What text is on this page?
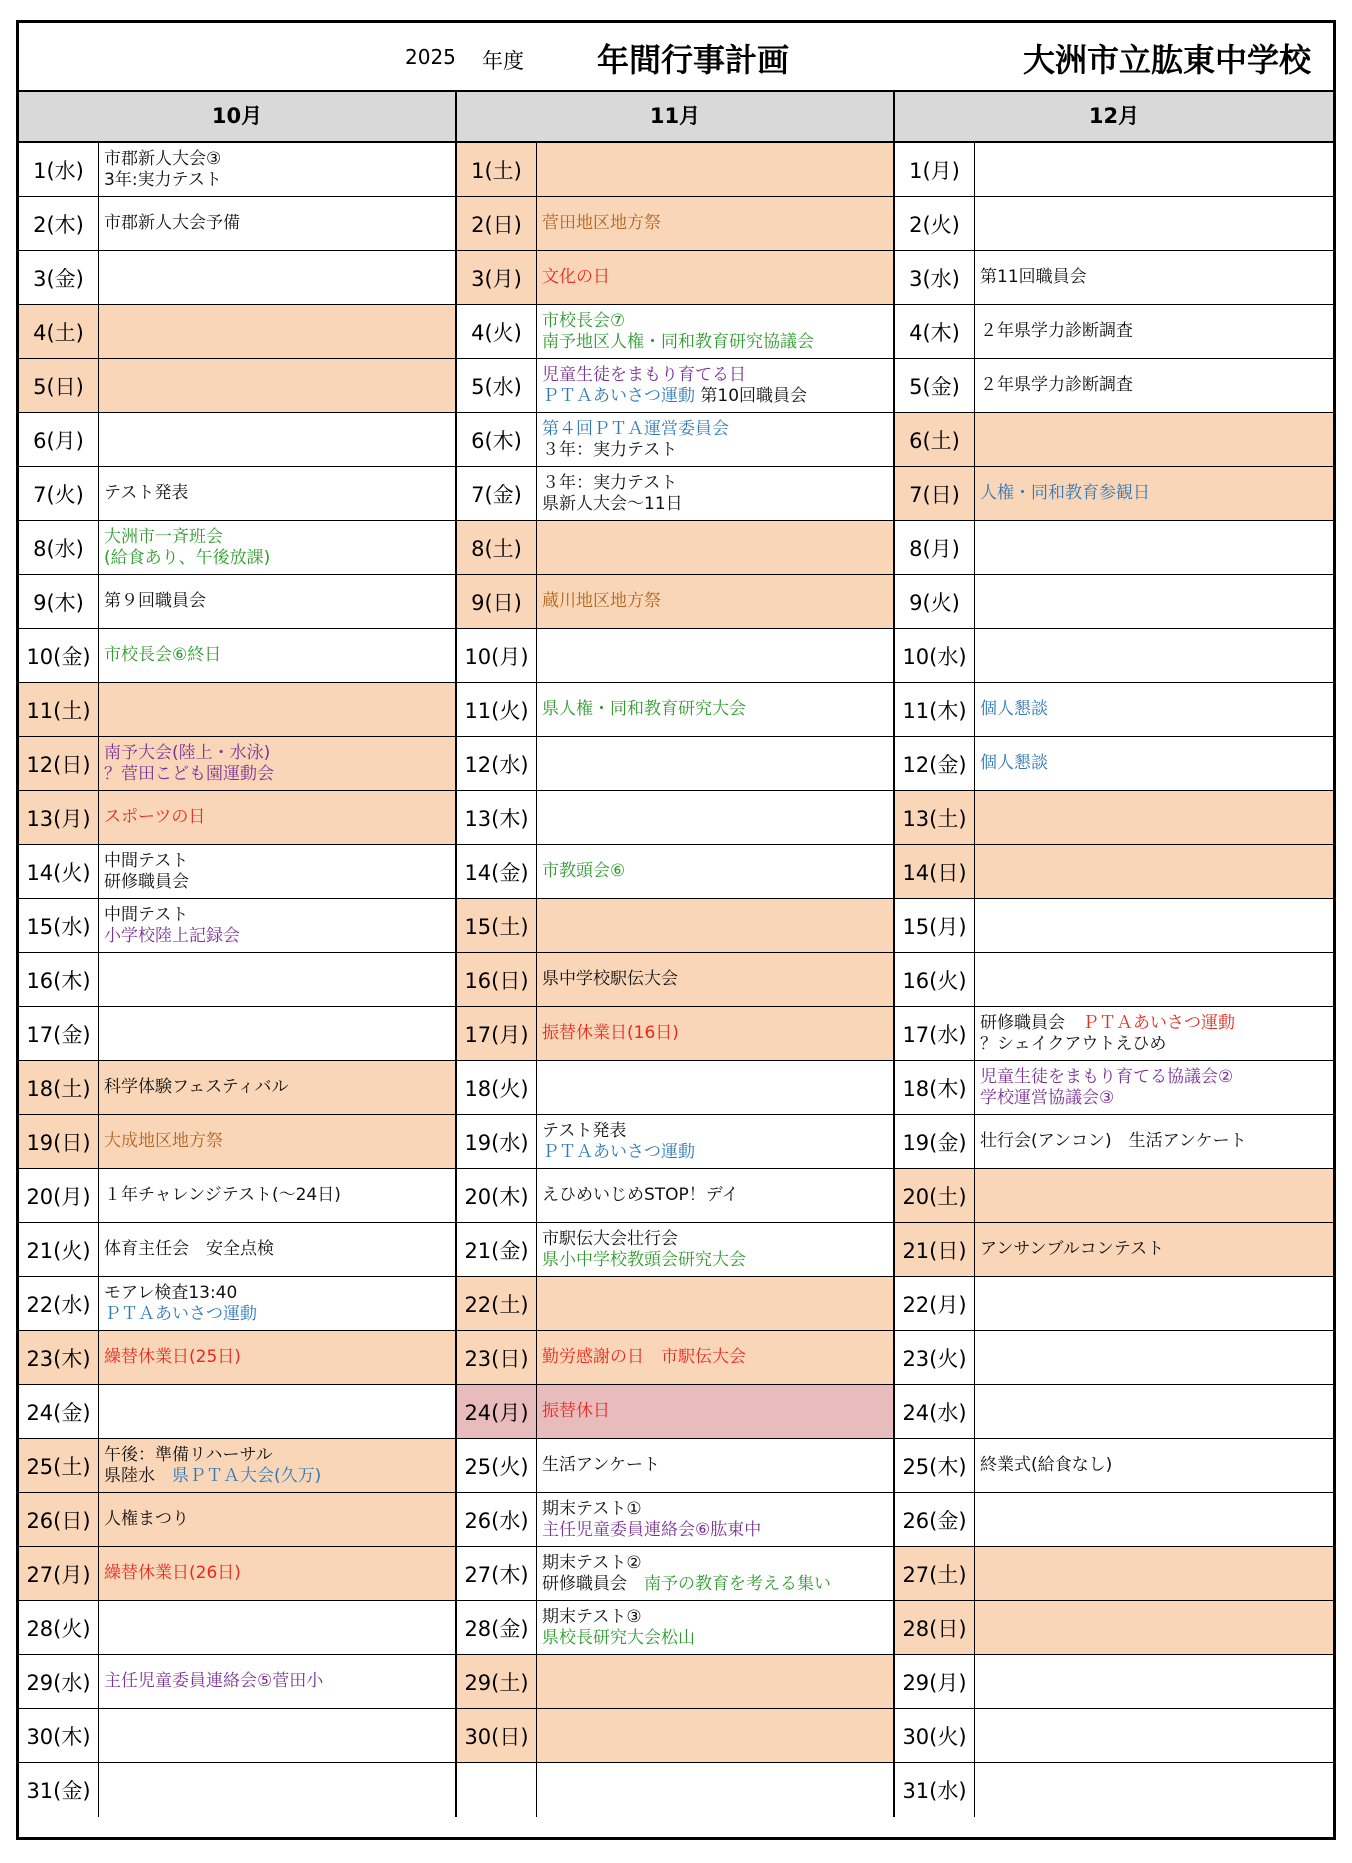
2025 年度 年間行事計画	大洲市立肱東中学校
10月	11月	12月
1(水)	市郡新人大会③
3年:実力テスト
2(木)	市郡新人大会予備
3(金)
4(土)
5(日)
6(月)
7(火)	テスト発表
8(水)	大洲市一斉班会
(給食あり、午後放課)
9(木)	第９回職員会
10(金) 市校長会⑥終日
11(土)
12(日) 南予大会(陸上・水泳)
？菅田こども園運動会
13(月) スポーツの日
14(火) 中間テスト
研修職員会
15(水) 中間テスト
小学校陸上記録会
16(木)
17(金)
18(土) 科学体験フェスティバル
19(日) 大成地区地方祭
20(月) １年チャレンジテスト(～24日)
21(火) 体育主任会　安全点検
22(水) モアレ検査13:40
ＰＴＡあいさつ運動
23(木) 繰替休業日(25日)
24(金)
25(土) 午後：準備リハーサル
県陸水　県ＰＴＡ大会(久万)
26(日) 人権まつり
27(月) 繰替休業日(26日)
28(火)
29(水) 主任児童委員連絡会⑤菅田小
30(木)
31(金)
1(土)
2(日)	菅田地区地方祭
3(月)	文化の日
4(火)	市校長会⑦
南予地区人権・同和教育研究協議会
5(水)	児童生徒をまもり育てる日
ＰＴＡあいさつ運動 第10回職員会
6(木)	第４回ＰＴＡ運営委員会
３年：実力テスト
7(金)	３年：実力テスト
県新人大会～11日
8(土)
9(日)	蔵川地区地方祭
10(月)
11(火) 県人権・同和教育研究大会
12(水)
13(木)
14(金) 市教頭会⑥
15(土)
16(日) 県中学校駅伝大会
17(月) 振替休業日(16日)
18(火)
19(水) テスト発表
ＰＴＡあいさつ運動
20(木) えひめいじめSTOP！デイ
21(金) 市駅伝大会壮行会
県小中学校教頭会研究大会
22(土)
23(日) 勤労感謝の日　市駅伝大会
24(月) 振替休日
25(火) 生活アンケート
26(水) 期末テスト①
主任児童委員連絡会⑥肱東中
27(木) 期末テスト②
研修職員会　南予の教育を考える集い
28(金) 期末テスト③
県校長研究大会松山
29(土)
30(日)
1(月)
2(火)
3(水)	第11回職員会
4(木)	２年県学力診断調査
5(金)	２年県学力診断調査
6(土)
7(日)	人権・同和教育参観日
8(月)
9(火)
10(水)
11(木) 個人懇談
12(金) 個人懇談
13(土)
14(日)
15(月)
16(火)
17(水) 研修職員会　ＰＴＡあいさつ運動
？シェイクアウトえひめ
18(木) 児童生徒をまもり育てる協議会②
学校運営協議会③
19(金) 壮行会(アンコン)　生活アンケート
20(土)
21(日) アンサンブルコンテスト
22(月)
23(火)
24(水)
25(木) 終業式(給食なし)
26(金)
27(土)
28(日)
29(月)
30(火)
31(水)
